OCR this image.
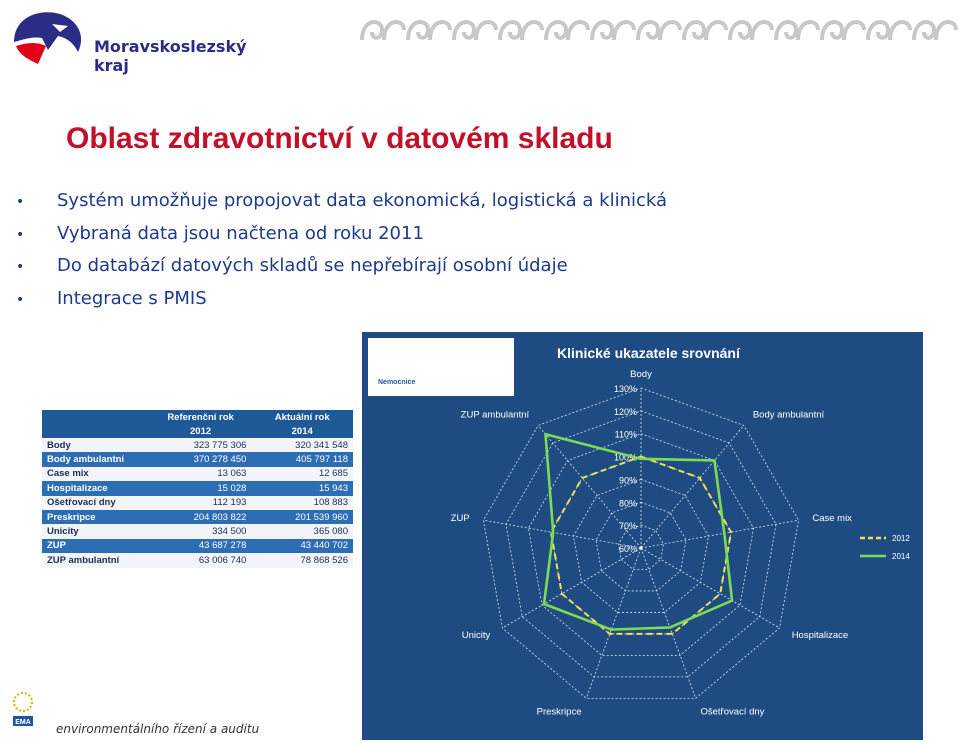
Moravskoslezský
kraj
Oblast zdravotnictví v datovém skladu
• Systém umožňuje propojovat data ekonomická, logistická a klinická
• Vybraná data jsou načtena od roku 2011
• Do databází datových skladů se nepřebírají osobní údaje
• Integrace s PMIS
	Referenční rok	Aktuální rok
	2012	2014
Body	323 775 306	320 341 548
Body ambulantní	370 278 450	405 797 118
Case mix	13 063	12 685
Hospitalizace	15 028	15 943
Ošetřovací dny	112 193	108 883
Preskripce	204 803 822	201 539 960
Unicity	334 500	365 080
ZUP	43 687 278	43 440 702
ZUP ambulantní	63 006 740	78 868 526
Nemocnice
Klinické ukazatele srovnání
60%
70%
80%
90%
100%
110%
120%
130%
Body
Body ambulantní
Case mix
Hospitalizace
Ošetřovací dny
Preskripce
Unicity
ZUP
ZUP ambulantní
2012
2014
EMA environmentálního řízení a auditu
